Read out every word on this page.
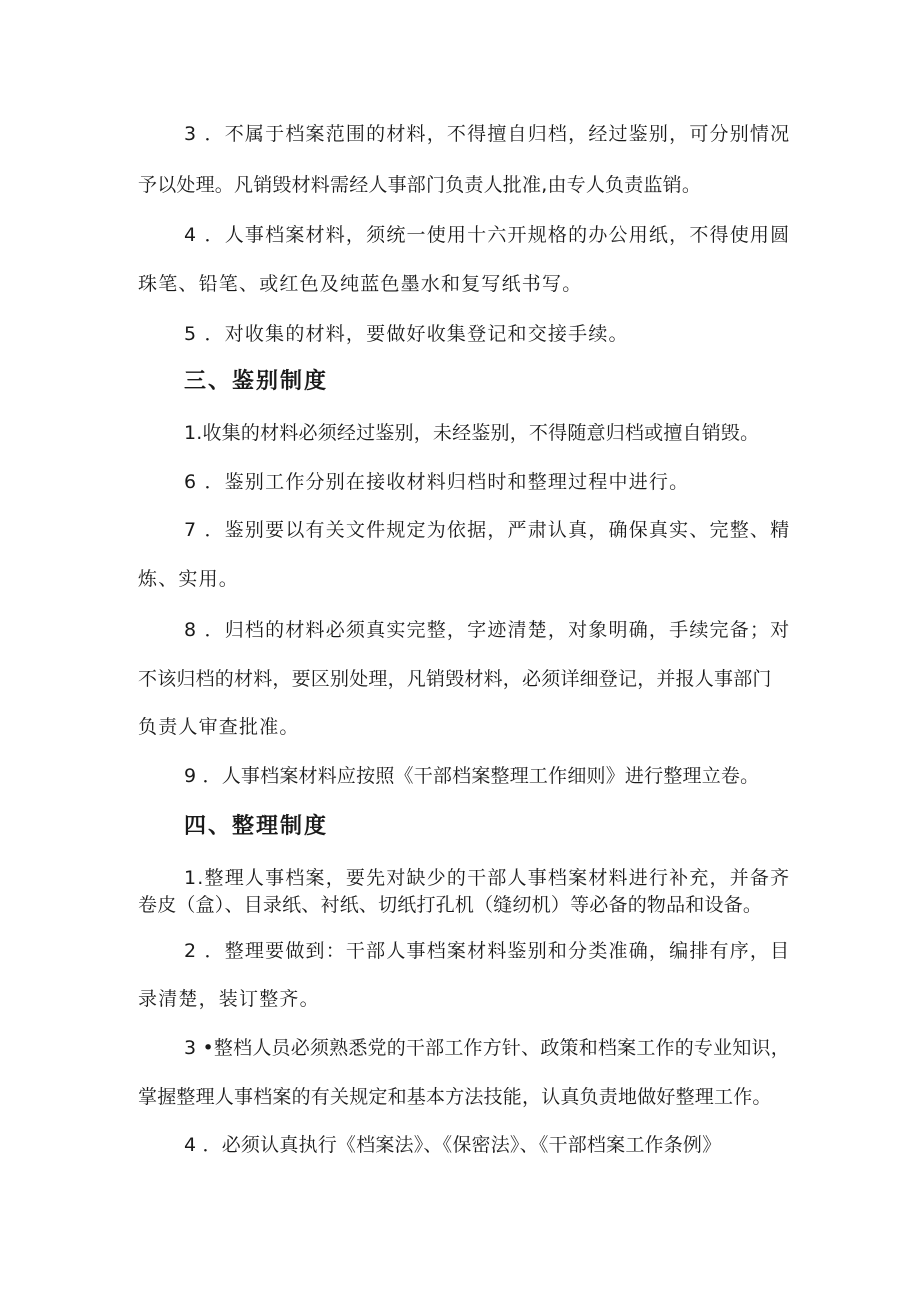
3 ．不属于档案范围的材料，不得擅自归档，经过鉴别，可分别情况
予以处理。凡销毁材料需经人事部门负责人批准,由专人负责监销。
4 ．人事档案材料，须统一使用十六开规格的办公用纸，不得使用圆
珠笔、铅笔、或红色及纯蓝色墨水和复写纸书写。
5 ．对收集的材料，要做好收集登记和交接手续。
三、鉴别制度
1.收集的材料必须经过鉴别，未经鉴别，不得随意归档或擅自销毁。
6 ．鉴别工作分别在接收材料归档时和整理过程中进行。
7 ．鉴别要以有关文件规定为依据，严肃认真，确保真实、完整、精
炼、实用。
8 ．归档的材料必须真实完整，字迹清楚，对象明确，手续完备；对
不该归档的材料，要区别处理，凡销毁材料，必须详细登记，并报人事部门
负责人审查批准。
9 ．人事档案材料应按照《干部档案整理工作细则》进行整理立卷。
四、整理制度
1.整理人事档案，要先对缺少的干部人事档案材料进行补充，并备齐
卷皮（盒）、目录纸、衬纸、切纸打孔机（缝纫机）等必备的物品和设备。
2 ．整理要做到：干部人事档案材料鉴别和分类准确，编排有序，目
录清楚，装订整齐。
3 •整档人员必须熟悉党的干部工作方针、政策和档案工作的专业知识，
掌握整理人事档案的有关规定和基本方法技能，认真负责地做好整理工作。
4 ．必须认真执行《档案法》、《保密法》、《干部档案工作条例》
